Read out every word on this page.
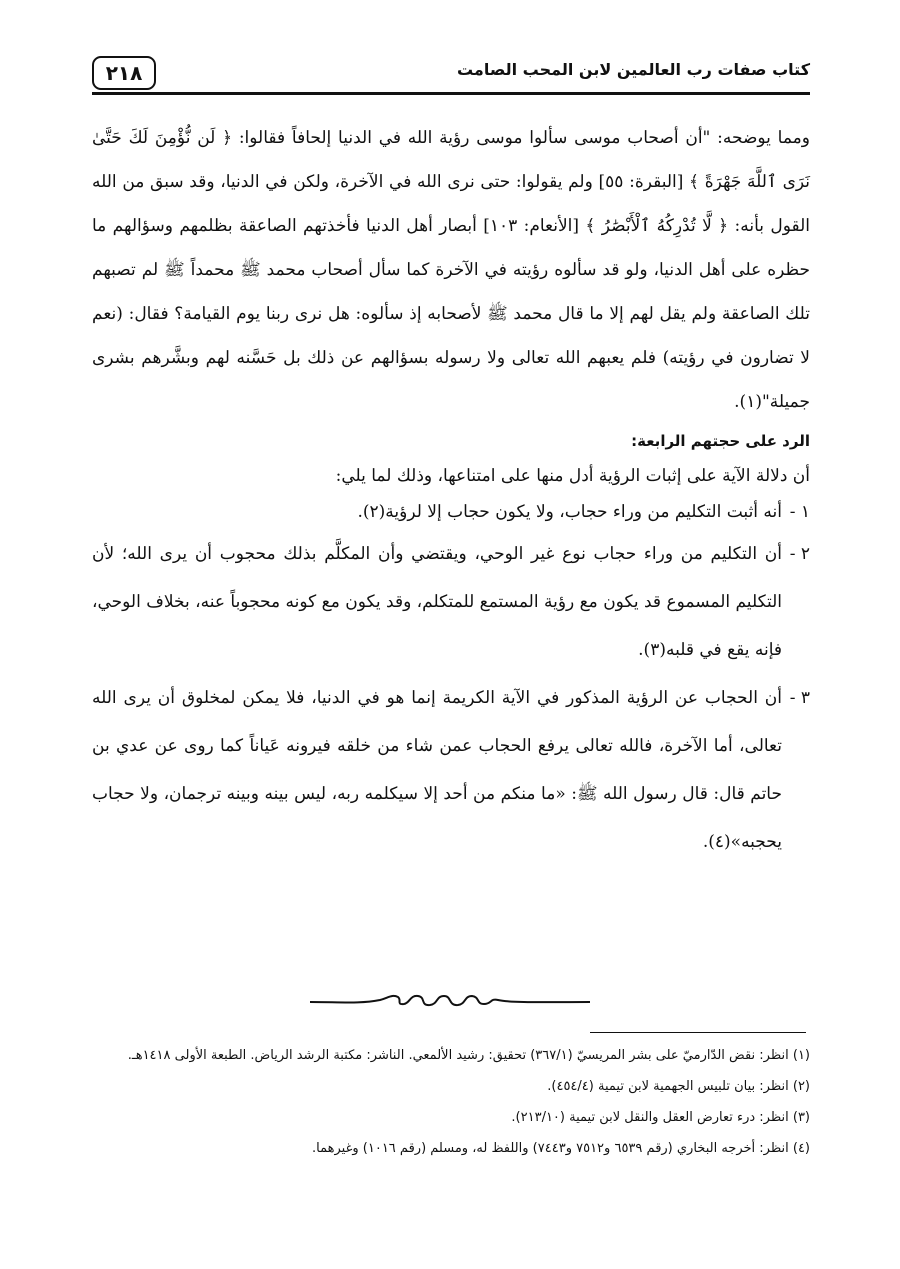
٢١٨	كتاب صفات رب العالمين لابن المحب الصامت

ومما يوضحه: "أن أصحاب موسى سألوا موسى رؤية الله في الدنيا إلحافاً فقالوا: ﴿ لَن نُّؤْمِنَ لَكَ حَتَّىٰ نَرَى ٱللَّهَ جَهْرَةً ﴾ [البقرة: ٥٥] ولم يقولوا: حتى نرى الله في الآخرة، ولكن في الدنيا، وقد سبق من الله القول بأنه: ﴿ لَّا تُدْرِكُهُ ٱلْأَبْصَٰرُ ﴾ [الأنعام: ١٠٣] أبصار أهل الدنيا فأخذتهم الصاعقة بظلمهم وسؤالهم ما حظره على أهل الدنيا، ولو قد سألوه رؤيته في الآخرة كما سأل أصحاب محمد ﷺ محمداً ﷺ لم تصبهم تلك الصاعقة ولم يقل لهم إلا ما قال محمد ﷺ لأصحابه إذ سألوه: هل نرى ربنا يوم القيامة؟ فقال: (نعم لا تضارون في رؤيته) فلم يعبهم الله تعالى ولا رسوله بسؤالهم عن ذلك بل حَسَّنه لهم وبشَّرهم بشرى جميلة"(١).

الرد على حجتهم الرابعة:

أن دلالة الآية على إثبات الرؤية أدل منها على امتناعها، وذلك لما يلي:

١ -
أنه أثبت التكليم من وراء حجاب، ولا يكون حجاب إلا لرؤية(٢).
٢ -
أن التكليم من وراء حجاب نوع غير الوحي، ويقتضي وأن المكلَّم بذلك محجوب أن يرى الله؛ لأن التكليم المسموع قد يكون مع رؤية المستمع للمتكلم، وقد يكون مع كونه محجوباً عنه، بخلاف الوحي، فإنه يقع في قلبه(٣).
٣ -
أن الحجاب عن الرؤية المذكور في الآية الكريمة إنما هو في الدنيا، فلا يمكن لمخلوق أن يرى الله تعالى، أما الآخرة، فالله تعالى يرفع الحجاب عمن شاء من خلقه فيرونه عَياناً كما روى عن عدي بن حاتم قال: قال رسول الله ﷺ: «ما منكم من أحد إلا سيكلمه ربه، ليس بينه وبينه ترجمان، ولا حجاب يحجبه»(٤).

(١) انظر: نقض الدّارميّ على بشر المريسيّ (٣٦٧/١) تحقيق: رشيد الألمعي. الناشر: مكتبة الرشد الرياض. الطبعة الأولى ١٤١٨هـ.

(٢) انظر: بيان تلبيس الجهمية لابن تيمية (٤٥٤/٤).

(٣) انظر: درء تعارض العقل والنقل لابن تيمية (٢١٣/١٠).

(٤) انظر: أخرجه البخاري (رقم ٦٥٣٩ و٧٥١٢ و٧٤٤٣) واللفظ له، ومسلم (رقم ١٠١٦) وغيرهما.
